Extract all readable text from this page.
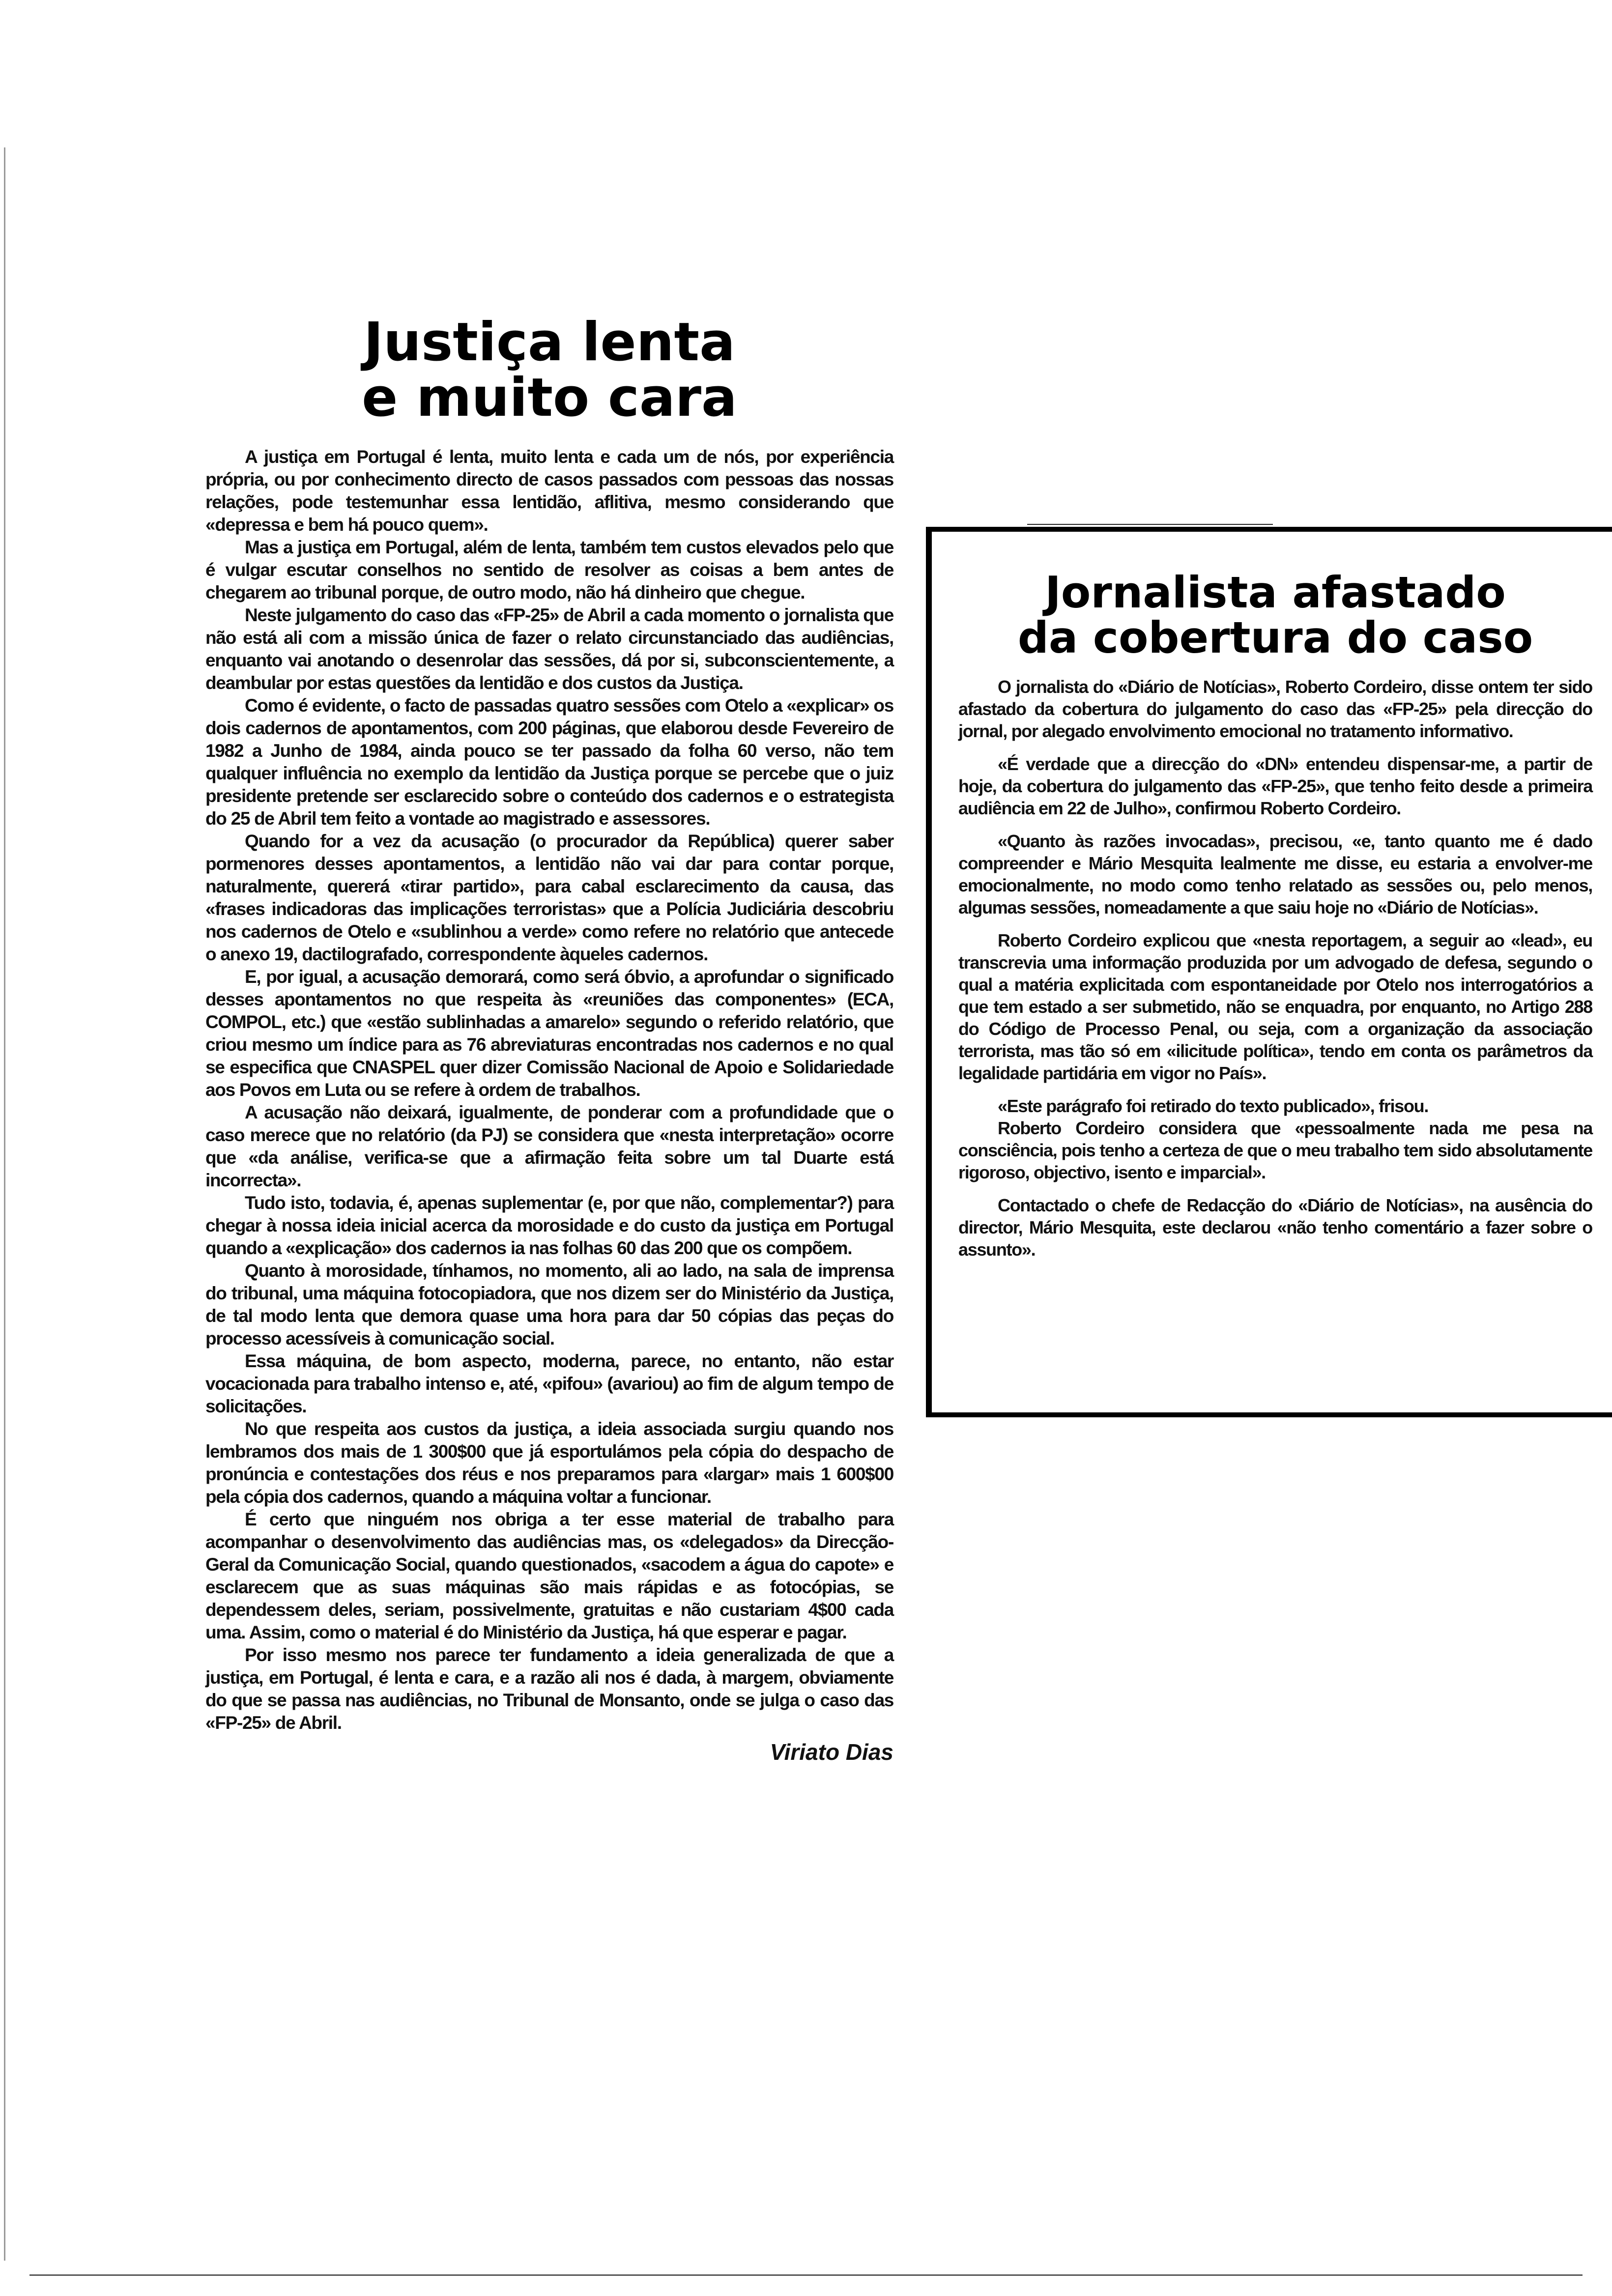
Justiça lenta
e muito cara

A justiça em Portugal é lenta, muito lenta e cada um de nós, por experiência própria, ou por conhecimento directo de casos passados com pessoas das nossas relações, pode testemunhar essa lentidão, aflitiva, mesmo considerando que «depressa e bem há pouco quem».

Mas a justiça em Portugal, além de lenta, também tem custos elevados pelo que é vulgar escutar conselhos no sentido de resolver as coisas a bem antes de chegarem ao tribunal porque, de outro modo, não há dinheiro que chegue.

Neste julgamento do caso das «FP-25» de Abril a cada momento o jornalista que não está ali com a missão única de fazer o relato circunstanciado das audiências, enquanto vai anotando o desenrolar das sessões, dá por si, subconscientemente, a deambular por estas questões da lentidão e dos custos da Justiça.

Como é evidente, o facto de passadas quatro sessões com Otelo a «explicar» os dois cadernos de apontamentos, com 200 páginas, que elaborou desde Fevereiro de 1982 a Junho de 1984, ainda pouco se ter passado da folha 60 verso, não tem qualquer influência no exemplo da lentidão da Justiça porque se percebe que o juiz presidente pretende ser esclarecido sobre o conteúdo dos cadernos e o estrategista do 25 de Abril tem feito a vontade ao magistrado e assessores.

Quando for a vez da acusação (o procurador da República) querer saber pormenores desses apontamentos, a lentidão não vai dar para contar porque, naturalmente, quererá «tirar partido», para cabal esclarecimento da causa, das «frases indicadoras das implicações terroristas» que a Polícia Judiciária descobriu nos cadernos de Otelo e «sublinhou a verde» como refere no relatório que antecede o anexo 19, dactilografado, correspondente àqueles cadernos.

E, por igual, a acusação demorará, como será óbvio, a aprofundar o significado desses apontamentos no que respeita às «reuniões das componentes» (ECA, COMPOL, etc.) que «estão sublinhadas a amarelo» segundo o referido relatório, que criou mesmo um índice para as 76 abreviaturas encontradas nos cadernos e no qual se especifica que CNASPEL quer dizer Comissão Nacional de Apoio e Solidariedade aos Povos em Luta ou se refere à ordem de trabalhos.

A acusação não deixará, igualmente, de ponderar com a profundidade que o caso merece que no relatório (da PJ) se considera que «nesta interpretação» ocorre que «da análise, verifica-se que a afirmação feita sobre um tal Duarte está incorrecta».

Tudo isto, todavia, é, apenas suplementar (e, por que não, complementar?) para chegar à nossa ideia inicial acerca da morosidade e do custo da justiça em Portugal quando a «explicação» dos cadernos ia nas folhas 60 das 200 que os compõem.

Quanto à morosidade, tínhamos, no momento, ali ao lado, na sala de imprensa do tribunal, uma máquina fotocopiadora, que nos dizem ser do Ministério da Justiça, de tal modo lenta que demora quase uma hora para dar 50 cópias das peças do processo acessíveis à comunicação social.

Essa máquina, de bom aspecto, moderna, parece, no entanto, não estar vocacionada para trabalho intenso e, até, «pifou» (avariou) ao fim de algum tempo de solicitações.

No que respeita aos custos da justiça, a ideia associada surgiu quando nos lembramos dos mais de 1 300$00 que já esportulámos pela cópia do despacho de pronúncia e contestações dos réus e nos preparamos para «largar» mais 1 600$00 pela cópia dos cadernos, quando a máquina voltar a funcionar.

É certo que ninguém nos obriga a ter esse material de trabalho para acompanhar o desenvolvimento das audiências mas, os «delegados» da Direcção-Geral da Comunicação Social, quando questionados, «sacodem a água do capote» e esclarecem que as suas máquinas são mais rápidas e as fotocópias, se dependessem deles, seriam, possivelmente, gratuitas e não custariam 4$00 cada uma. Assim, como o material é do Ministério da Justiça, há que esperar e pagar.

Por isso mesmo nos parece ter fundamento a ideia generalizada de que a justiça, em Portugal, é lenta e cara, e a razão ali nos é dada, à margem, obviamente do que se passa nas audiências, no Tribunal de Monsanto, onde se julga o caso das «FP-25» de Abril.

Viriato Dias
Jornalista afastado
da cobertura do caso

O jornalista do «Diário de Notícias», Roberto Cordeiro, disse ontem ter sido afastado da cobertura do julgamento do caso das «FP-25» pela direcção do jornal, por alegado envolvimento emocional no tratamento informativo.

«É verdade que a direcção do «DN» entendeu dispensar-me, a partir de hoje, da cobertura do julgamento das «FP-25», que tenho feito desde a primeira audiência em 22 de Julho», confirmou Roberto Cordeiro.

«Quanto às razões invocadas», precisou, «e, tanto quanto me é dado compreender e Mário Mesquita lealmente me disse, eu estaria a envolver-me emocionalmente, no modo como tenho relatado as sessões ou, pelo menos, algumas sessões, nomeadamente a que saiu hoje no «Diário de Notícias».

Roberto Cordeiro explicou que «nesta reportagem, a seguir ao «lead», eu transcrevia uma informação produzida por um advogado de defesa, segundo o qual a matéria explicitada com espontaneidade por Otelo nos interrogatórios a que tem estado a ser submetido, não se enquadra, por enquanto, no Artigo 288 do Código de Processo Penal, ou seja, com a organização da associação terrorista, mas tão só em «ilicitude política», tendo em conta os parâmetros da legalidade partidária em vigor no País».

«Este parágrafo foi retirado do texto publicado», frisou.

Roberto Cordeiro considera que «pessoalmente nada me pesa na consciência, pois tenho a certeza de que o meu trabalho tem sido absolutamente rigoroso, objectivo, isento e imparcial».

Contactado o chefe de Redacção do «Diário de Notícias», na ausência do director, Mário Mesquita, este declarou «não tenho comentário a fazer sobre o assunto».
